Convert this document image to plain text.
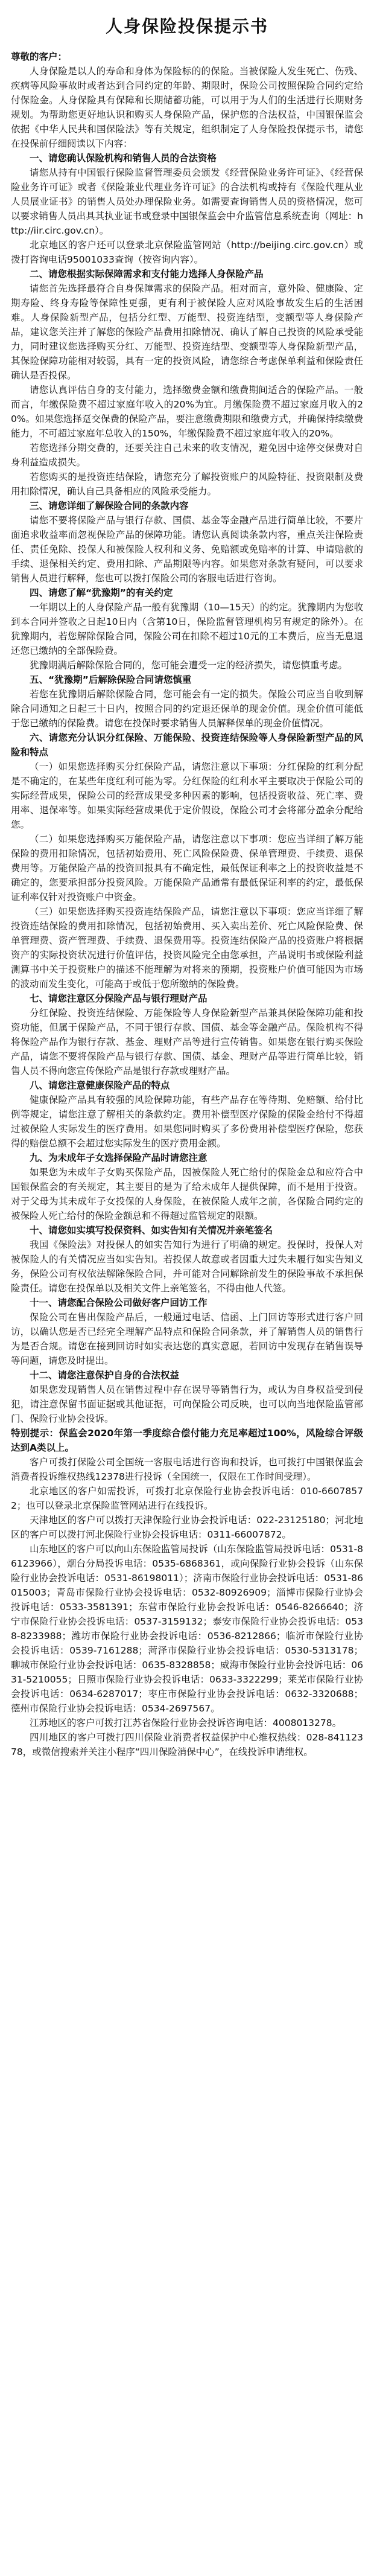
人身保险投保提示书

尊敬的客户：

人身保险是以人的寿命和身体为保险标的的保险。当被保险人发生死亡、伤残、疾病等风险事故时或者达到合同约定的年龄、期限时，保险公司按照保险合同约定给付保险金。人身保险具有保障和长期储蓄功能，可以用于为人们的生活进行长期财务规划。为帮助您更好地认识和购买人身保险产品，保护您的合法权益，中国银保监会依据《中华人民共和国保险法》等有关规定，组织制定了人身保险投保提示书，请您在投保前仔细阅读以下内容：

一、请您确认保险机构和销售人员的合法资格

请您从持有中国银行保险监督管理委员会颁发《经营保险业务许可证》、《经营保险业务许可证》或者《保险兼业代理业务许可证》的合法机构或持有《保险代理从业人员展业证书》的销售人员处办理保险业务。如需要查询销售人员的资格情况，您可以要求销售人员出具其执业证书或登录中国银保监会中介监管信息系统查询（网址：http://iir.circ.gov.cn）。

北京地区的客户还可以登录北京保险监管网站（http://beijing.circ.gov.cn）或拨打咨询电话95001033查询（按咨询内容）。

二、请您根据实际保障需求和支付能力选择人身保险产品

请您首先选择最符合自身保障需求的保险产品。相对而言，意外险、健康险、定期寿险、终身寿险等保障性更强，更有利于被保险人应对风险事故发生后的生活困难。人身保险新型产品，包括分红型、万能型、投资连结型，变额型等人身保险产品，建议您关注并了解您的保险产品费用扣除情况、确认了解自己投资的风险承受能力，同时建议您选择购买分红、万能型、投资连结型、变额型等人身保险新型产品，其保险保障功能相对较弱，具有一定的投资风险，请您综合考虑保单利益和保险责任确认是否投保。

请您认真评估自身的支付能力，选择缴费金额和缴费期间适合的保险产品。一般而言，年缴保险费不超过家庭年收入的20%为宜。月缴保险费不超过家庭月收入的20%。如果您选择趸交保费的保险产品，要注意缴费期限和缴费方式，并确保持续缴费能力，不可超过家庭年总收入的150%，年缴保险费不超过家庭年收入的20%。

若您选择分期交费的，还要关注自己未来的收支情况，避免因中途停交保费对自身利益造成损失。

若您购买的是投资连结保险，请您充分了解投资账户的风险特征、投资限制及费用扣除情况，确认自己具备相应的风险承受能力。

三、请您详细了解保险合同的条款内容

请您不要将保险产品与银行存款、国债、基金等金融产品进行简单比较，不要片面追求收益率而忽视保险产品的保障功能。请您认真阅读条款内容，重点关注保险责任、责任免除、投保人和被保险人权利和义务、免赔额或免赔率的计算、申请赔款的手续、退保相关约定、费用扣除、产品期限等内容。如果您对条款有疑问，可以要求销售人员进行解释，您也可以拨打保险公司的客服电话进行咨询。

四、请您了解“犹豫期”的有关约定

一年期以上的人身保险产品一般有犹豫期（10—15天）的约定。犹豫期内为您收到本合同并签收之日起10日内（含第10日，保险监督管理机构另有规定的除外）。在犹豫期内，若您解除保险合同，保险公司在扣除不超过10元的工本费后，应当无息退还您已缴纳的全部保险费。

犹豫期满后解除保险合同的，您可能会遭受一定的经济损失，请您慎重考虑。

五、“犹豫期”后解除保险合同请您慎重

若您在犹豫期后解除保险合同，您可能会有一定的损失。保险公司应当自收到解除合同通知之日起三十日内，按照合同的约定退还保单的现金价值。现金价值可能低于您已缴纳的保险费。请您在投保时要求销售人员解释保单的现金价值情况。

六、请您充分认识分红保险、万能保险、投资连结保险等人身保险新型产品的风险和特点

（一）如果您选择购买分红保险产品，请您注意以下事项：分红保险的红利分配是不确定的，在某些年度红利可能为零。分红保险的红利水平主要取决于保险公司的实际经营成果，保险公司的经营成果受多种因素的影响，包括投资收益、死亡率、费用率、退保率等。如果实际经营成果优于定价假设，保险公司才会将部分盈余分配给您。

（二）如果您选择购买万能保险产品，请您注意以下事项：您应当详细了解万能保险的费用扣除情况，包括初始费用、死亡风险保险费、保单管理费、手续费、退保费用等。万能保险产品的投资回报具有不确定性，最低保证利率之上的投资收益是不确定的，您要承担部分投资风险。万能保险产品通常有最低保证利率的约定，最低保证利率仅针对投资账户中资金。

（三）如果您选择购买投资连结保险产品，请您注意以下事项：您应当详细了解投资连结保险的费用扣除情况，包括初始费用、买入卖出差价、死亡风险保险费、保单管理费、资产管理费、手续费、退保费用等。投资连结保险产品的投资账户将根据资产的实际投资状况进行价值评估，投资风险完全由您承担，产品说明书或保险利益测算书中关于投资账户的描述不能理解为对将来的预期，投资账户价值可能因为市场的波动而发生变化，可能高于或低于您所缴纳的保险费。

七、请您注意区分保险产品与银行理财产品

分红保险、投资连结保险、万能保险等人身保险新型产品兼具保险保障功能和投资功能，但属于保险产品，不同于银行存款、国债、基金等金融产品。保险机构不得将保险产品作为银行存款、基金、理财产品等进行宣传销售。如果您在银行购买保险产品，请您不要将保险产品与银行存款、国债、基金、理财产品等进行简单比较，销售人员不得向您宣传保险产品是银行存款或理财产品。

八、请您注意健康保险产品的特点

健康保险产品具有较强的风险保障功能，有些产品存在等待期、免赔额、给付比例等规定，请您注意了解相关的条款约定。费用补偿型医疗保险的保险金给付不得超过被保险人实际发生的医疗费用。如果您同时购买了多份费用补偿型医疗保险，您获得的赔偿总额不会超过您实际发生的医疗费用金额。

九、为未成年子女选择保险产品时请您注意

如果您为未成年子女购买保险产品，因被保险人死亡给付的保险金总和应符合中国银保监会的有关规定，其主要目的是为了给未成年人提供保障，而不是用于投资。对于父母为其未成年子女投保的人身保险，在被保险人成年之前，各保险合同约定的被保险人死亡给付的保险金额总和不得超过监管规定的限额。

十、请您如实填写投保资料、如实告知有关情况并亲笔签名

我国《保险法》对投保人的如实告知行为进行了明确的规定。投保时，投保人对被保险人的有关情况应当如实告知。若投保人故意或者因重大过失未履行如实告知义务，保险公司有权依法解除保险合同，并可能对合同解除前发生的保险事故不承担保险责任。请您在投保单以及相关文件上亲笔签名，不得由他人代签。

十一、请您配合保险公司做好客户回访工作

保险公司在售出保险产品后，一般通过电话、信函、上门回访等形式进行客户回访，以确认您是否已经完全理解产品特点和保险合同条款，并了解销售人员的销售行为是否合规。请您在接到回访时如实表达您的真实意愿，若回访中发现存在销售误导等问题，请您及时提出。

十二、请您注意保护自身的合法权益

如果您发现销售人员在销售过程中存在误导等销售行为，或认为自身权益受到侵犯，请注意保留书面证据或其他证据，可向保险公司反映，也可以向当地保险监管部门、保险行业协会投诉。

特别提示：保监会2020年第一季度综合偿付能力充足率超过100%，风险综合评级达到A类以上。

客户可拨打保险公司全国统一客服电话进行咨询和投诉，也可拨打中国银保监会消费者投诉维权热线12378进行投诉（全国统一，仅限在工作时间受理）。

北京地区的客户如需投诉，可拨打北京保险行业协会投诉电话：010-66078572；也可以登录北京保险监管网站进行在线投诉。

天津地区的客户可以拨打天津保险行业协会投诉电话：022-23125180；河北地区的客户可以拨打河北保险行业协会投诉电话：0311-66007872。

山东地区的客户可以向山东保险监管局投诉（山东保险监管局投诉电话：0531-86123966），烟台分局投诉电话：0535-6868361，或向保险行业协会投诉（山东保险行业协会投诉电话：0531-86198011）；济南市保险行业协会投诉电话：0531-86015003；青岛市保险行业协会投诉电话：0532-80926909；淄博市保险行业协会投诉电话：0533-3581391；东营市保险行业协会投诉电话：0546-8266640；济宁市保险行业协会投诉电话：0537-3159132；泰安市保险行业协会投诉电话：0538-8233988；潍坊市保险行业协会投诉电话：0536-8212866；临沂市保险行业协会投诉电话：0539-7161288；菏泽市保险行业协会投诉电话：0530-5313178；聊城市保险行业协会投诉电话：0635-8328858；威海市保险行业协会投诉电话：0631-5210055；日照市保险行业协会投诉电话：0633-3322299；莱芜市保险行业协会投诉电话：0634-6287017；枣庄市保险行业协会投诉电话：0632-3320688；德州市保险行业协会投诉电话：0534-2697567。

江苏地区的客户可拨打江苏省保险行业协会投诉咨询电话：4008013278。

四川地区的客户可拨打四川保险业消费者权益保护中心维权热线：028-84112378，或微信搜索并关注小程序“四川保险消保中心”，在线投诉申请维权。
